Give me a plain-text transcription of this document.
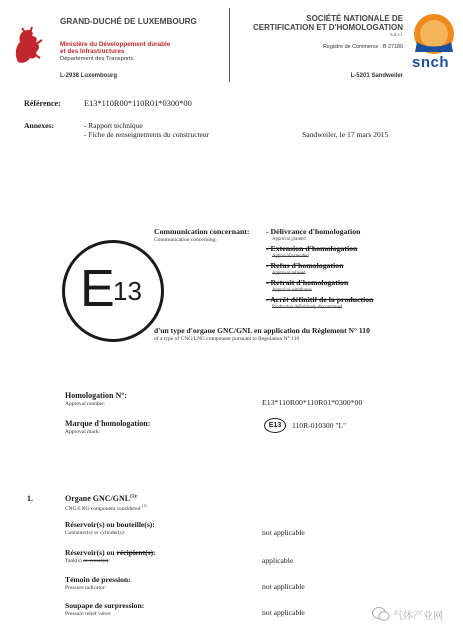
GRAND-DUCHÉ DE LUXEMBOURG
Ministère du Développement durable
et des Infrastructures
Département des Transports
L-2938 Luxembourg
SOCIÉTÉ NATIONALE DE
CERTIFICATION ET D'HOMOLOGATION
s.à r.l.
Registre de Commerce : B 27180
L-5201 Sandweiler
snch
Référence:	E13*110R00*110R01*0300*00
Annexes:	- Rapport technique
- Fiche de renseignements du constructeur	Sandweiler, le 17 mars 2015
E
13
Communication concernant:
Communication concerning:
- Délivrance d'homologation
Approval granted
- Extension d'homologation
Approval extended
- Refus d'homologation
Approval refused
- Retrait d'homologation
Approval withdrawn
- Arrêt définitif de la production
Production definitively discontinued
d'un type d'organe GNC/GNL en application du Règlement N° 110
of a type of CNG/LNG component pursuant to Regulation N° 110
Homologation N°:
Approval number:	E13*110R00*110R01*0300*00
Marque d'homologation:
Approval mark:
E13	110R-010300 "L"
1.	Organe GNC/$GNL^{(1):}$
CNG/LNG component considered $^{(1):}$
Réservoir(s) ou bouteille(s):
Container(s) or cylinder(s):	not applicable
Réservoir(s) ou récipient(s):
Tank(s) or vessel(s):	applicable
Témoin de pression:
Pressure indicator:	not applicable
Soupape de surpression:
Pressure relief valve:	not applicable	气体产业网
